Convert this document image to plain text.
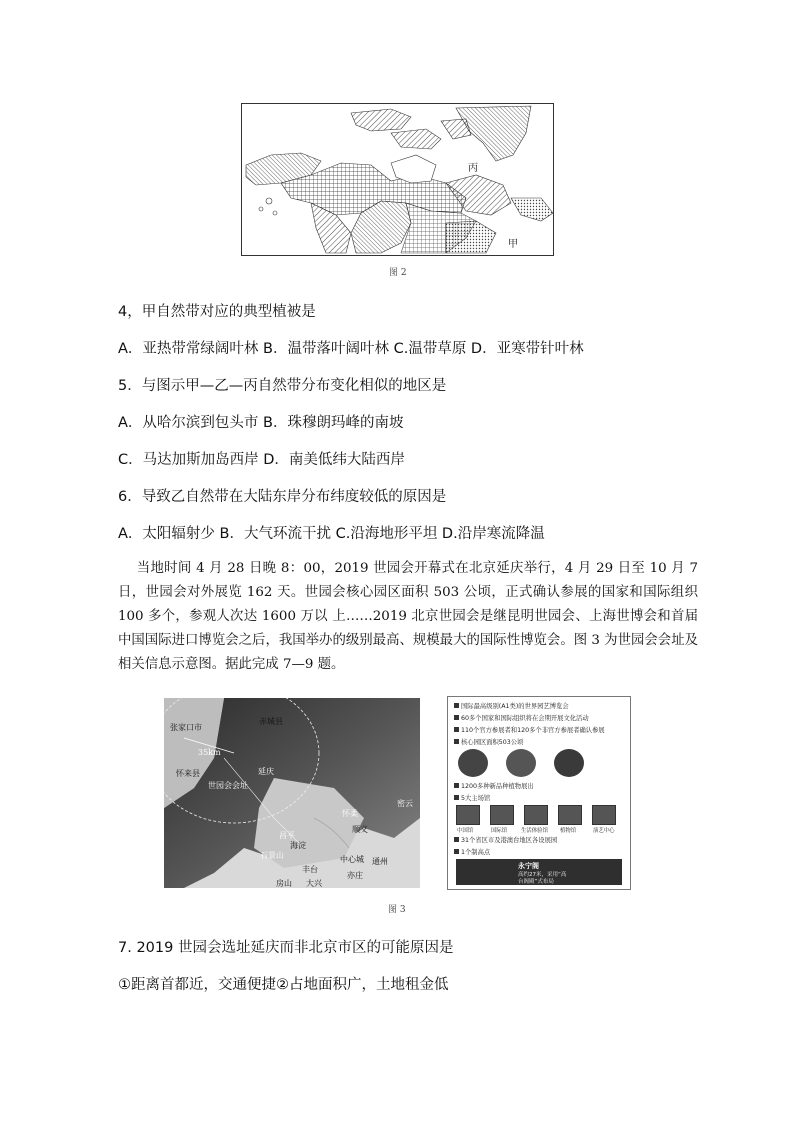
丙
甲
图 2
4，甲自然带对应的典型植被是
A．亚热带常绿阔叶林 B．温带落叶阔叶林 C.温带草原 D．亚寒带针叶林
5．与图示甲—乙—丙自然带分布变化相似的地区是
A．从哈尔滨到包头市 B．珠穆朗玛峰的南坡
C．马达加斯加岛西岸 D．南美低纬大陆西岸
6．导致乙自然带在大陆东岸分布纬度较低的原因是
A．太阳辐射少 B．大气环流干扰 C.沿海地形平坦 D.沿岸寒流降温
当地时间 4 月 28 日晚 8：00，2019 世园会开幕式在北京延庆举行，4 月 29 日至 10 月 7 日，世园会对外展览 162 天。世园会核心园区面积 503 公顷，正式确认参展的国家和国际组织 100 多个，参观人次达 1600 万以 上……2019 北京世园会是继昆明世园会、上海世博会和首届中国国际进口博览会之后，我国举办的级别最高、规模最大的国际性博览会。图 3 为世园会会址及相关信息示意图。据此完成 7—9 题。
张家口市
赤城县
35km
怀来县
世园会会址
延庆
密云
怀柔
昌平
顺义
海淀
中心城 通州
石景山
丰台
房山 大兴
亦庄
国际最高级别(A1类)的世界园艺博览会
60多个国家和国际组织将在会期开展文化活动
110个官方参展者和120多个非官方参展者确认参展
核心园区面积503公顷
1200多种新品种植物展出
5大主场馆
中国馆	国际馆	生活体验馆 植物馆	演艺中心
31个省区市及港澳台地区各设展园
1个制高点
永宁阁
高约27米，采用“高
台阁殿”式布局
图 3
7. 2019 世园会选址延庆而非北京市区的可能原因是
①距离首都近，交通便捷②占地面积广，土地租金低
